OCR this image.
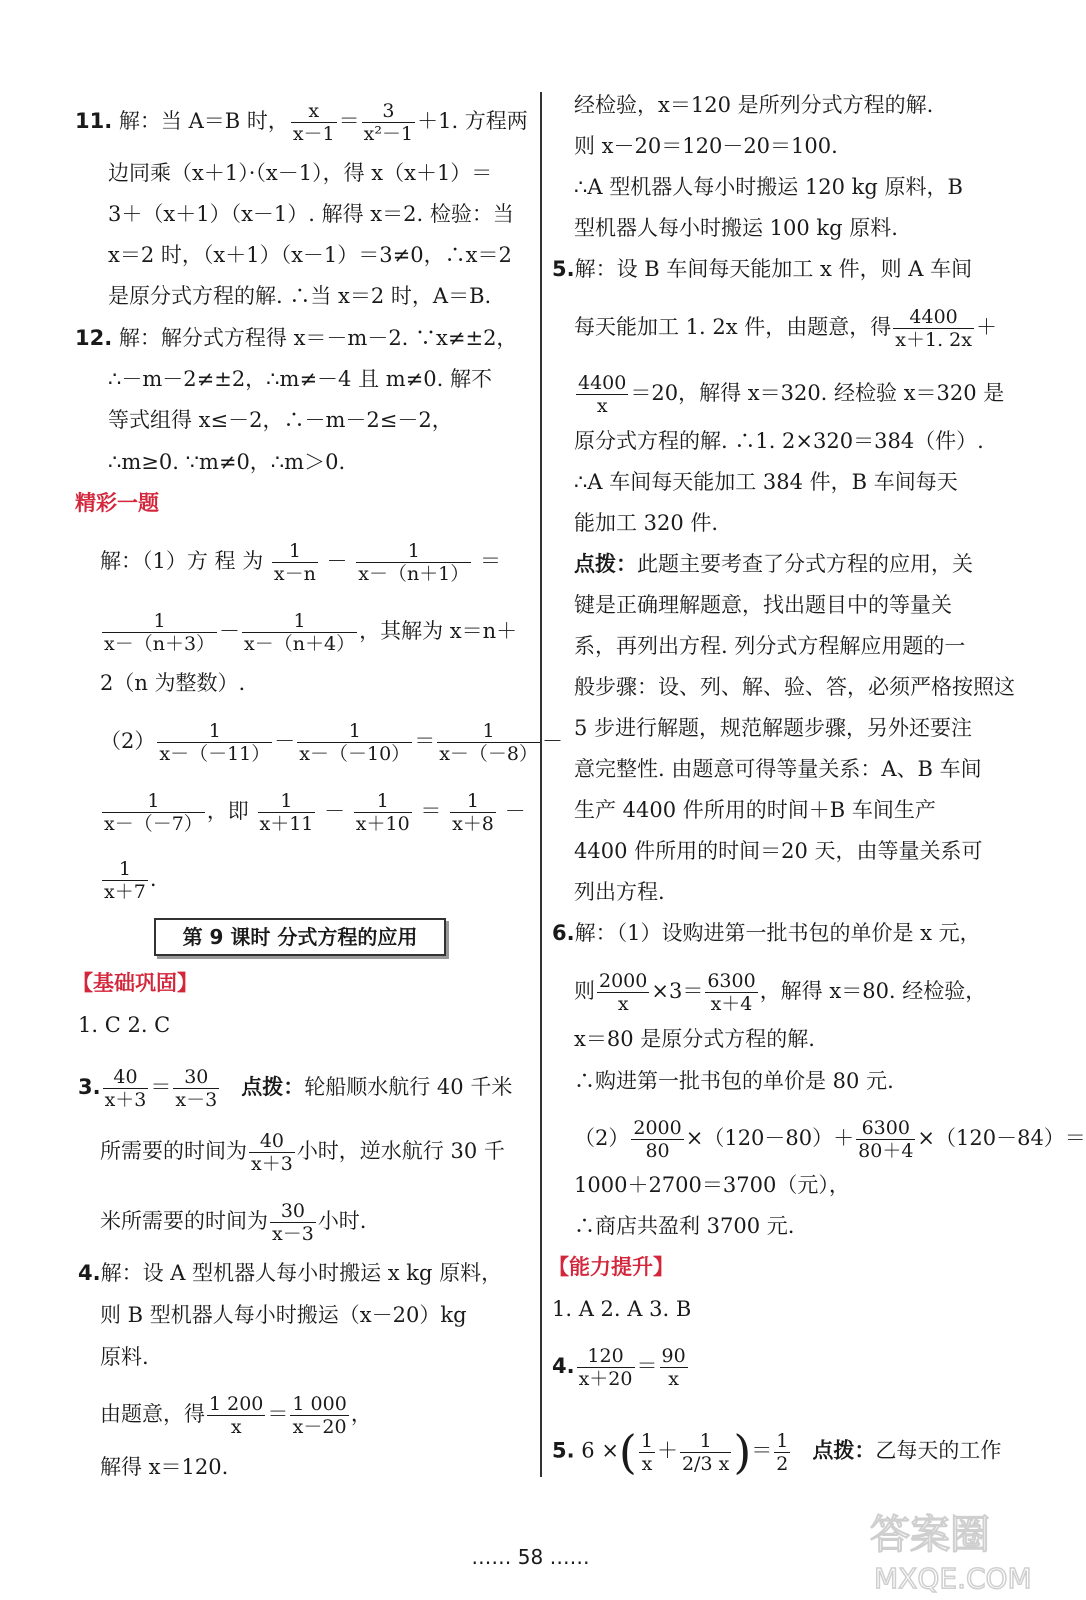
11. 解：当 A＝B 时， $\frac{x}{x-1} = \frac{3}{\text{x²－1}} +1$. 方程两
边同乘（x＋1）·（x－1），得 x（x＋1）＝
3＋（x＋1）（x－1）. 解得 x＝2. 检验：当
x＝2 时，（x＋1）（x－1）＝3≠0，∴x＝2
是原分式方程的解. ∴当 x＝2 时，A＝B.
12. 解：解分式方程得 x＝－m－2. ∵x≠±2，
∴－m－2≠±2，∴m≠－4 且 m≠0. 解不
等式组得 x≤－2，∴－m－2≤－2，
∴m≥0. ∵m≠0，∴m＞0.
精彩一题
解：（1）方 程 为 $\frac{1}{x-n} - \frac{1}{x-(n+1)}$ ＝
$\frac{1}{x-(n+3)} - \frac{1}{x-(n+4)}$ ，其解为 x＝n＋
2（n 为整数）.
$(2) \frac{1}{x-(-11)} - \frac{1}{x-(-10)} = \frac{1}{x-(-8)}$ －
$\frac{1}{x-(-7)}$ ，即 $\frac{1}{x+11} - \frac{1}{x+10} = \frac{1}{x+8}$ －
$\frac{1}{x+7}$ .
第 9 课时 分式方程的应用
【基础巩固】
1. C 2. C
3. $\frac{40}{x+3} = \frac{30}{x-3}$ 点拨：轮船顺水航行 40 千米
所需要的时间为 $\frac{40}{x+3}$ 小时，逆水航行 30 千
米所需要的时间为 $\frac{30}{x-3}$ 小时.
4.解：设 A 型机器人每小时搬运 x kg 原料，
则 B 型机器人每小时搬运（x－20）kg
原料.
由题意，得 $\frac{1 200}{x} = \frac{1 000}{x-20}$ ，
解得 x＝120.
经检验，x＝120 是所列分式方程的解.
则 x－20＝120－20＝100.
∴A 型机器人每小时搬运 120 kg 原料，B
型机器人每小时搬运 100 kg 原料.
5.解：设 B 车间每天能加工 x 件，则 A 车间
每天能加工 1. 2x 件，由题意，得 $\frac{4400}{x+1. 2x}$ ＋
$\frac{4400}{x} =20$，解得 x＝320. 经检验 x＝320 是
原分式方程的解. ∴1. 2×320＝384（件）.
∴A 车间每天能加工 384 件，B 车间每天
能加工 320 件.
点拨：此题主要考查了分式方程的应用，关
键是正确理解题意，找出题目中的等量关
系，再列出方程. 列分式方程解应用题的一
般步骤：设、列、解、验、答，必须严格按照这
5 步进行解题，规范解题步骤，另外还要注
意完整性. 由题意可得等量关系：A、B 车间
生产 4400 件所用的时间＋B 车间生产
4400 件所用的时间＝20 天，由等量关系可
列出方程.
6.解：（1）设购进第一批书包的单价是 x 元，
则 $\frac{2000}{x} \times 3= \frac{6300}{x+4}$ ，解得 x＝80. 经检验，
x＝80 是原分式方程的解.
∴购进第一批书包的单价是 80 元.
$(2) \frac{2000}{80} \times(120-80)+ \frac{6300}{80+4} \times(120-84)=$
1000＋2700＝3700（元），
∴商店共盈利 3700 元.
【能力提升】
1. A 2. A 3. B
4. $\frac{120}{x+20} = \frac{90}{x}$
5. 6 ×( $\frac{1}{x} + \frac{1}{2/3 x}$ )＝ $\frac{1}{2}$ 点拨：乙每天的工作
…… 58 ……	答案圈
MXQE.COM
